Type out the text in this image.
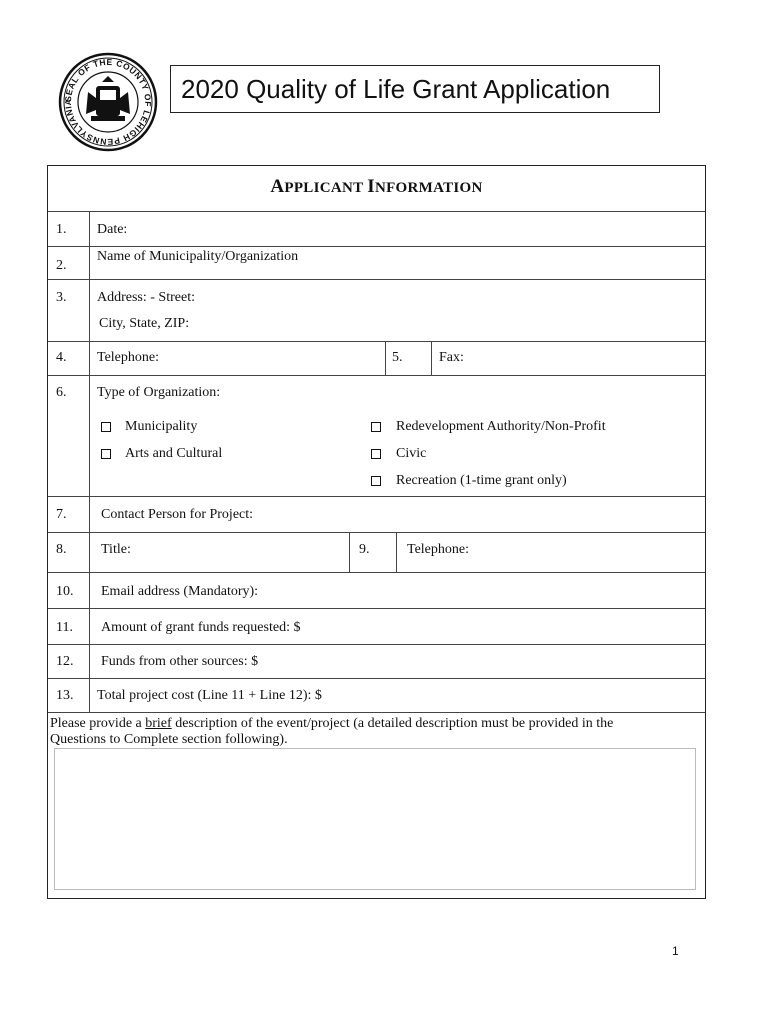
SEAL OF THE COUNTY OF LEHIGH PENNSYLVANIA	2020 Quality of Life Grant Application
APPLICANT INFORMATION
1. Date:
2.
Name of Municipality/Organization
3. Address: - Street:
City, State, ZIP:
4. Telephone:	5.	Fax:
6. Type of Organization:
Municipality
Arts and Cultural
Redevelopment Authority/Non-Profit
Civic
Recreation (1-time grant only)
7. Contact Person for Project:
8. Title:	9.	Telephone:
10. Email address (Mandatory):
11. Amount of grant funds requested: $
12. Funds from other sources: $
13. Total project cost (Line 11 + Line 12): $
Please provide a brief description of the event/project (a detailed description must be provided in the
Questions to Complete section following).
1
